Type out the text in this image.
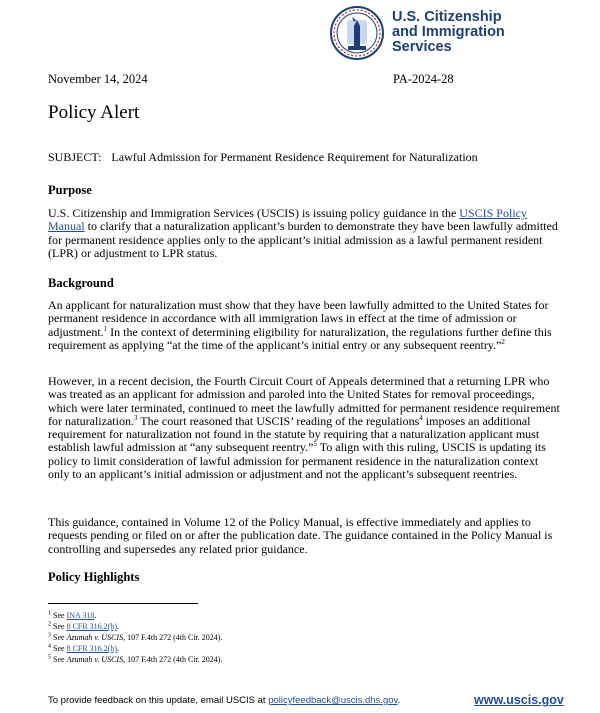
U.S. Citizenship
and Immigration
Services
November 14, 2024	PA-2024-28
Policy Alert
SUBJECT: Lawful Admission for Permanent Residence Requirement for Naturalization
Purpose
U.S. Citizenship and Immigration Services (USCIS) is issuing policy guidance in the USCIS Policy Manual to clarify that a naturalization applicant’s burden to demonstrate they have been lawfully admitted for permanent residence applies only to the applicant’s initial admission as a lawful permanent resident (LPR) or adjustment to LPR status.
Background
An applicant for naturalization must show that they have been lawfully admitted to the United States for permanent residence in accordance with all immigration laws in effect at the time of admission or adjustment.$^1$ In the context of determining eligibility for naturalization, the regulations further define this requirement as applying “at the time of the applicant’s initial entry or any subsequent reentry.”$^2$
However, in a recent decision, the Fourth Circuit Court of Appeals determined that a returning LPR who was treated as an applicant for admission and paroled into the United States for removal proceedings, which were later terminated, continued to meet the lawfully admitted for permanent residence requirement for naturalization.$^3$ The court reasoned that USCIS’ reading of the regulations$^4$ imposes an additional requirement for naturalization not found in the statute by requiring that a naturalization applicant must establish lawful admission at “any subsequent reentry.”$^5$ To align with this ruling, USCIS is updating its policy to limit consideration of lawful admission for permanent residence in the naturalization context only to an applicant’s initial admission or adjustment and not the applicant’s subsequent reentries.
This guidance, contained in Volume 12 of the Policy Manual, is effective immediately and applies to requests pending or filed on or after the publication date. The guidance contained in the Policy Manual is controlling and supersedes any related prior guidance.
Policy Highlights
$^1$ See INA 318.
$^2$ See 8 CFR 316.2(b).
$^3$ See Azumah v. USCIS, 107 F.4th 272 (4th Cir. 2024).
$^4$ See 8 CFR 316.2(b).
$^5$ See Azumah v. USCIS, 107 F.4th 272 (4th Cir. 2024).
To provide feedback on this update, email USCIS at policyfeedback@uscis.dhs.gov.	www.uscis.gov
